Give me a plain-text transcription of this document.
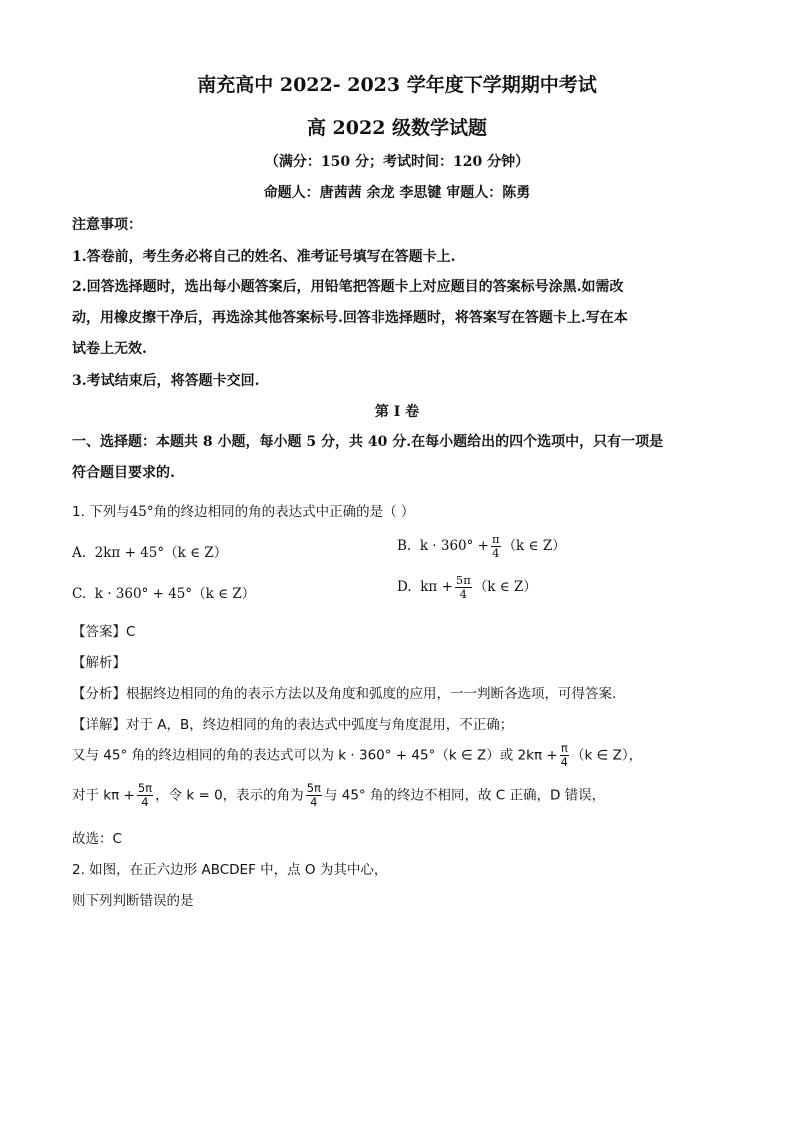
南充高中 2022- 2023 学年度下学期期中考试
高 2022 级数学试题
（满分：150 分；考试时间：120 分钟）
命题人：唐茜茜 余龙 李思键 审题人：陈勇
注意事项：
1.答卷前，考生务必将自己的姓名、准考证号填写在答题卡上.
2.回答选择题时，选出每小题答案后，用铅笔把答题卡上对应题目的答案标号涂黑.如需改
动，用橡皮擦干净后，再选涂其他答案标号.回答非选择题时，将答案写在答题卡上.写在本
试卷上无效.
3.考试结束后，将答题卡交回.
第 I 卷
一、选择题：本题共 8 小题，每小题 5 分，共 40 分.在每小题给出的四个选项中，只有一项是
符合题目要求的.
1. 下列与45°角的终边相同的角的表达式中正确的是（ ）
A. 2kπ + 45°（k ∈ Z）	B. $k \cdot 360^\circ + \frac{\pi}{4} (k$ ∈ Z）
C. k · 360° + 45°（k ∈ Z）	D. $k\pi + \frac{5\pi}{4} (k$ ∈ Z）
【答案】C
【解析】
【分析】根据终边相同的角的表示方法以及角度和弧度的应用，一一判断各选项，可得答案.
【详解】对于 A，B，终边相同的角的表达式中弧度与角度混用，不正确；
又与 45° 角的终边相同的角的表达式可以为 k · 360° + 45°（k ∈ Z）或 $2k\pi + \frac{\pi}{4} (k$ ∈ Z），
对于 $k\pi + \frac{5\pi}{4}$ ，令 k = 0，表示的角为 $\frac{5\pi}{4}$ 与 45° 角的终边不相同，故 C 正确，D 错误，
故选：C
2. 如图，在正六边形 ABCDEF 中，点 O 为其中心，
则下列判断错误的是
